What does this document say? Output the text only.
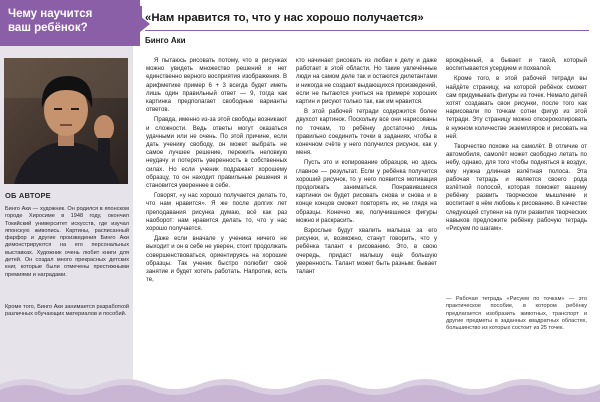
Чему научится
ваш ребёнок?
ОБ АВТОРЕ
Бинго Аки — художник. Он родился в японском городе Хиросиме в 1948 году, окончил Токийский университет искусств, где изучал японскую живопись. Картины, расписанный фарфор и другие произведения Бинго Аки демонстрируются на его персональных выставках. Художник очень любит книги для детей. Он создал много прекрасных детских книг, которые были отмечены престижными премиями и наградами.
Кроме того, Бинго Аки занимается разработкой различных обучающих материалов и пособий.
«Нам нравится то, что у нас хорошо получается»
Бинго Аки

Я пытаюсь рисовать потому, что в рисунках можно увидеть множество решений и нет единственно верного восприятия изображения. В арифметике пример 6 + 3 всегда будет иметь лишь один правильный ответ — 9, тогда как картинка предполагает свободные варианты ответов.

Правда, именно из-за этой свободы возникают и сложности. Ведь ответы могут оказаться удачными или не очень. По этой причине, если дать ученику свободу, он может выбрать не самое лучшее решение, пережить неловкую неудачу и потерять уверенность в собственных силах. Но если ученик подражает хорошему образцу, то он находит правильные решения и становится увереннее в себе.

Говорят, «у нас хорошо получается делать то, что нам нравится». Я же после долгих лет преподавания рисунка думаю, всё как раз наоборот: нам нравится делать то, что у нас хорошо получается.

Даже если вначале у ученика ничего не выходит и он в себе не уверен, стоит продолжать совершенствоваться, ориентируясь на хорошие образцы. Так ученик быстро полюбит своё занятие и будет хотеть работать. Напротив, есть те,

кто начинает рисовать из любви к делу и даже работает в этой области. Но такие увлечённые люди на самом деле так и остаются дилетантами и никогда не создают выдающихся произведений, если не пытаются учиться на примере хороших картин и рисуют только так, как им нравится.

В этой рабочей тетради содержится более двухсот картинок. Поскольку все они нарисованы по точкам, то ребёнку достаточно лишь правильно соединить точки в заданиях, чтобы в конечном счёте у него получился рисунок, как у меня.

Пусть это и копирование образцов, но здесь главное — результат. Если у ребёнка получится хороший рисунок, то у него появится мотивация продолжать заниматься. Понравившиеся картинки он будет рисовать снова и снова и в конце концов сможет повторять их, не глядя на образцы. Конечно же, получившиеся фигуры можно и раскрасить.

Взрослые будут хвалить малыша за его рисунки, и, возможно, станут говорить, что у ребёнка талант к рисованию. Это, в свою очередь, придаст малышу ещё большую уверенность. Талант может быть разным: бывает талант

врождённый, а бывает и такой, который воспитывается усердием и похвалой.

Кроме того, в этой рабочей тетради вы найдёте страницу, на которой ребёнок сможет сам придумывать фигуры из точек. Немало детей хотят создавать свои рисунки, после того как нарисовали по точкам сотни фигур из этой тетради. Эту страницу можно отксерокопировать в нужном количестве экземпляров и рисовать на ней.

Творчество похоже на самолёт. В отличие от автомобиля, самолёт может свободно летать по небу, однако, для того чтобы подняться в воздух, ему нужна длинная взлётная полоса. Эта рабочая тетрадь и является своего рода взлётной полосой, которая поможет вашему ребёнку развить творческое мышление и воспитает в нём любовь к рисованию. В качестве следующей ступени на пути развития творческих навыков предложите ребёнку рабочую тетрадь «Рисуем по шагам».

— Рабочая тетрадь «Рисуем по точкам» — это практическое пособие, в котором ребёнку предлагается изобразить животных, транспорт и другие предметы в заданных квадратных областях, большинство из которых состоит из 25 точек.
